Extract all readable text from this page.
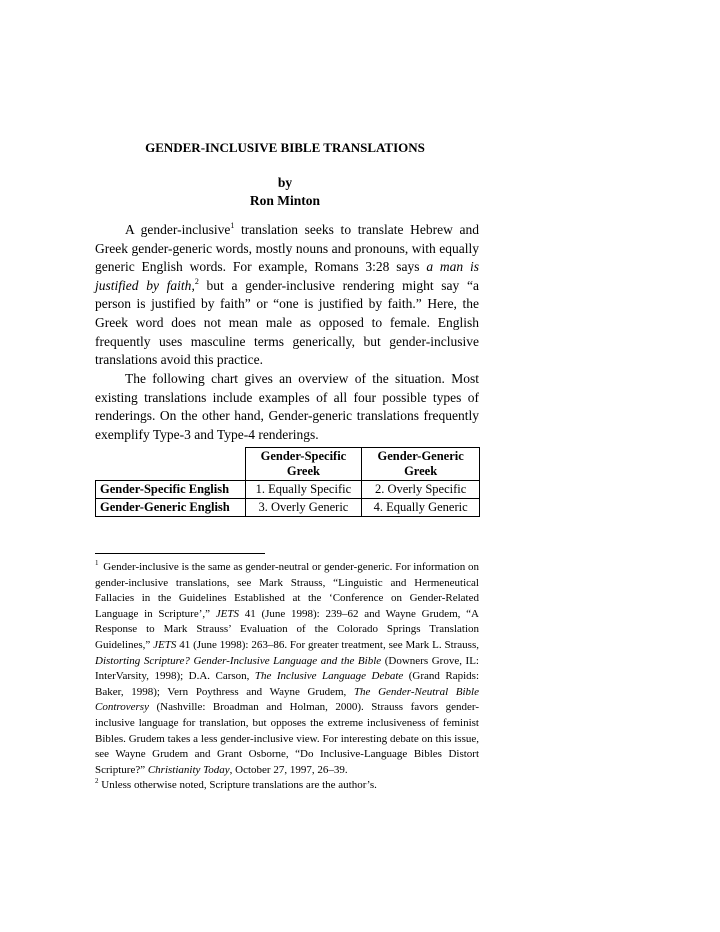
GENDER-INCLUSIVE BIBLE TRANSLATIONS
by
Ron Minton

A gender-inclusive$^1$ translation seeks to translate Hebrew and Greek gender-generic words, mostly nouns and pronouns, with equally generic English words. For example, Romans 3:28 says a man is justified by faith,$^2$ but a gender-inclusive rendering might say “a person is justified by faith” or “one is justified by faith.” Here, the Greek word does not mean male as opposed to female. English frequently uses masculine terms generically, but gender-inclusive translations avoid this practice.

The following chart gives an overview of the situation. Most existing translations include examples of all four possible types of renderings. On the other hand, Gender-generic translations frequently exemplify Type-3 and Type-4 renderings.

	Gender-Specific Greek	Gender-Generic Greek
Gender-Specific English	1. Equally Specific	2. Overly Specific
Gender-Generic English	3. Overly Generic	4. Equally Generic

$^1$ Gender-inclusive is the same as gender-neutral or gender-generic. For information on gender-inclusive translations, see Mark Strauss, “Linguistic and Hermeneutical Fallacies in the Guidelines Established at the ‘Conference on Gender-Related Language in Scripture’,” JETS 41 (June 1998): 239–62 and Wayne Grudem, “A Response to Mark Strauss’ Evaluation of the Colorado Springs Translation Guidelines,” JETS 41 (June 1998): 263–86. For greater treatment, see Mark L. Strauss, Distorting Scripture? Gender-Inclusive Language and the Bible (Downers Grove, IL: InterVarsity, 1998); D.A. Carson, The Inclusive Language Debate (Grand Rapids: Baker, 1998); Vern Poythress and Wayne Grudem, The Gender-Neutral Bible Controversy (Nashville: Broadman and Holman, 2000). Strauss favors gender-inclusive language for translation, but opposes the extreme inclusiveness of feminist Bibles. Grudem takes a less gender-inclusive view. For interesting debate on this issue, see Wayne Grudem and Grant Osborne, “Do Inclusive-Language Bibles Distort Scripture?” Christianity Today, October 27, 1997, 26–39.

$^2$ Unless otherwise noted, Scripture translations are the author’s.
